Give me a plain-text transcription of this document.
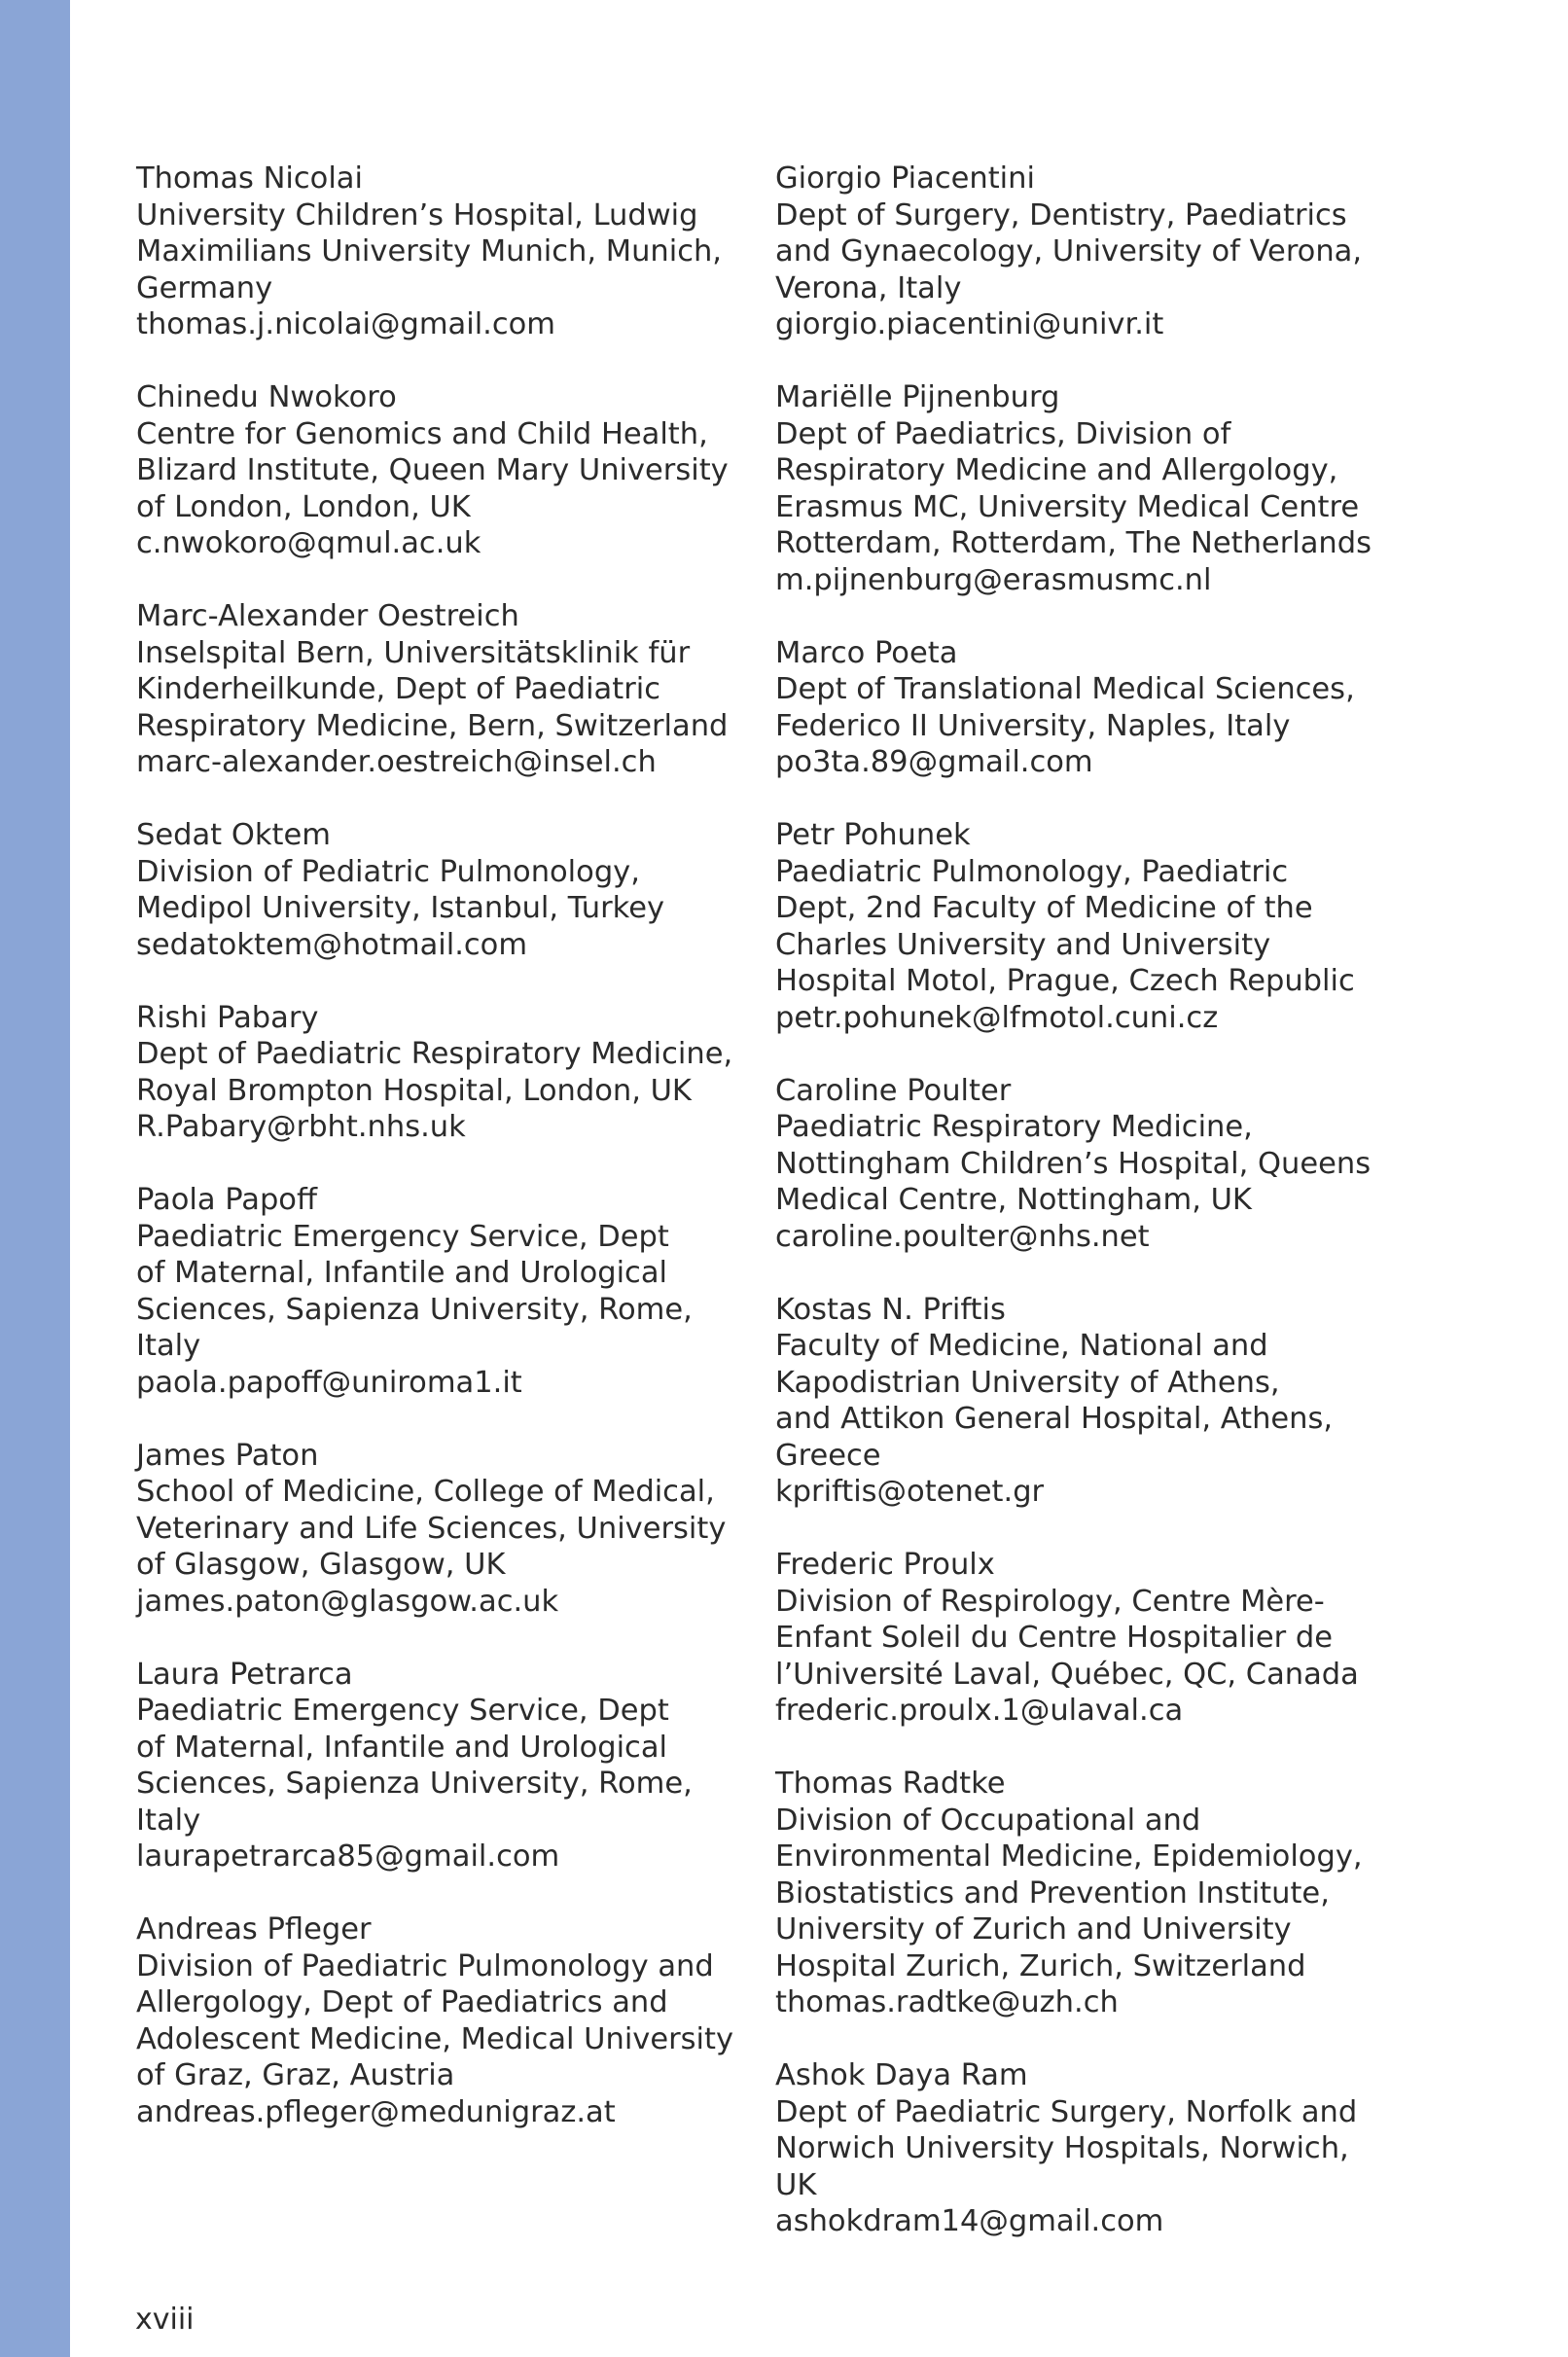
Thomas Nicolai
University Children’s Hospital, Ludwig
Maximilians University Munich, Munich,
Germany
thomas.j.nicolai@gmail.com
Chinedu Nwokoro
Centre for Genomics and Child Health,
Blizard Institute, Queen Mary University
of London, London, UK
c.nwokoro@qmul.ac.uk
Marc-Alexander Oestreich
Inselspital Bern, Universitätsklinik für
Kinderheilkunde, Dept of Paediatric
Respiratory Medicine, Bern, Switzerland
marc-alexander.oestreich@insel.ch
Sedat Oktem
Division of Pediatric Pulmonology,
Medipol University, Istanbul, Turkey
sedatoktem@hotmail.com
Rishi Pabary
Dept of Paediatric Respiratory Medicine,
Royal Brompton Hospital, London, UK
R.Pabary@rbht.nhs.uk
Paola Papoff
Paediatric Emergency Service, Dept
of Maternal, Infantile and Urological
Sciences, Sapienza University, Rome,
Italy
paola.papoff@uniroma1.it
James Paton
School of Medicine, College of Medical,
Veterinary and Life Sciences, University
of Glasgow, Glasgow, UK
james.paton@glasgow.ac.uk
Laura Petrarca
Paediatric Emergency Service, Dept
of Maternal, Infantile and Urological
Sciences, Sapienza University, Rome,
Italy
laurapetrarca85@gmail.com
Andreas Pfleger
Division of Paediatric Pulmonology and
Allergology, Dept of Paediatrics and
Adolescent Medicine, Medical University
of Graz, Graz, Austria
andreas.pfleger@medunigraz.at
Giorgio Piacentini
Dept of Surgery, Dentistry, Paediatrics
and Gynaecology, University of Verona,
Verona, Italy
giorgio.piacentini@univr.it
Mariëlle Pijnenburg
Dept of Paediatrics, Division of
Respiratory Medicine and Allergology,
Erasmus MC, University Medical Centre
Rotterdam, Rotterdam, The Netherlands
m.pijnenburg@erasmusmc.nl
Marco Poeta
Dept of Translational Medical Sciences,
Federico II University, Naples, Italy
po3ta.89@gmail.com
Petr Pohunek
Paediatric Pulmonology, Paediatric
Dept, 2nd Faculty of Medicine of the
Charles University and University
Hospital Motol, Prague, Czech Republic
petr.pohunek@lfmotol.cuni.cz
Caroline Poulter
Paediatric Respiratory Medicine,
Nottingham Children’s Hospital, Queens
Medical Centre, Nottingham, UK
caroline.poulter@nhs.net
Kostas N. Priftis
Faculty of Medicine, National and
Kapodistrian University of Athens,
and Attikon General Hospital, Athens,
Greece
kpriftis@otenet.gr
Frederic Proulx
Division of Respirology, Centre Mère-
Enfant Soleil du Centre Hospitalier de
l’Université Laval, Québec, QC, Canada
frederic.proulx.1@ulaval.ca
Thomas Radtke
Division of Occupational and
Environmental Medicine, Epidemiology,
Biostatistics and Prevention Institute,
University of Zurich and University
Hospital Zurich, Zurich, Switzerland
thomas.radtke@uzh.ch
Ashok Daya Ram
Dept of Paediatric Surgery, Norfolk and
Norwich University Hospitals, Norwich,
UK
ashokdram14@gmail.com
xviii
